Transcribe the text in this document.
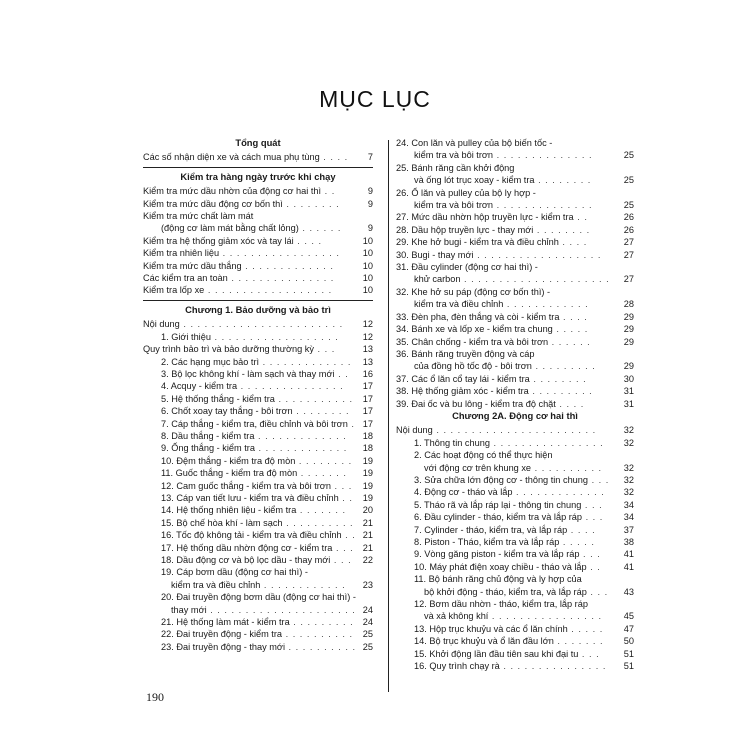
MỤC LỤC
Tổng quát
Các số nhận diện xe và cách mua phụ tùng . . . . 7
Kiểm tra hàng ngày trước khi chạy
Kiểm tra mức dầu nhờn của động cơ hai thì . .	9
Kiểm tra mức dầu động cơ bốn thì . . . . . . . .	9
Kiểm tra mức chất làm mát
(động cơ làm mát bằng chất lỏng) . . . . . .	9
Kiểm tra hệ thống giảm xóc và tay lái . . . .	10
Kiểm tra nhiên liệu . . . . . . . . . . . . . . . . . 10
Kiểm tra mức dầu thắng . . . . . . . . . . . . .	10
Các kiểm tra an toàn . . . . . . . . . . . . . . .	10
Kiểm tra lốp xe . . . . . . . . . . . . . . . . . .	10
Chương 1. Bảo dưỡng và bảo trì
Nội dung . . . . . . . . . . . . . . . . . . . . . . . 12
1. Giới thiệu . . . . . . . . . . . . . . . . . .	12
Quy trình bảo trì và bảo dưỡng thường kỳ . . .	13
2. Các hạng mục bảo trì . . . . . . . . . . . . . 13
3. Bộ lọc không khí - làm sạch và thay mới . . 16
4. Acquy - kiểm tra . . . . . . . . . . . . . . . 17
5. Hệ thống thắng - kiểm tra . . . . . . . . . . . 17
6. Chốt xoay tay thắng - bôi trơn . . . . . . . . 17
7. Cáp thắng - kiểm tra, điều chỉnh và bôi trơn . 17
8. Dầu thắng - kiểm tra . . . . . . . . . . . . . 18
9. Ống thắng - kiểm tra . . . . . . . . . . . . . 18
10. Đệm thắng - kiểm tra độ mòn . . . . . . . . 19
11. Guốc thắng - kiểm tra độ mòn . . . . . . . 19
12. Cam guốc thắng - kiểm tra và bôi trơn . . . 19
13. Cáp van tiết lưu - kiểm tra và điều chỉnh . . 19
14. Hệ thống nhiên liệu - kiểm tra . . . . . . . 20
15. Bộ chế hòa khí - làm sạch . . . . . . . . . . 21
16. Tốc độ không tải - kiểm tra và điều chỉnh . . 21
17. Hệ thống dầu nhờn động cơ - kiểm tra . . . 21
18. Dầu động cơ và bộ lọc dầu - thay mới . . . 22
19. Cáp bơm dầu (động cơ hai thì) -
kiểm tra và điều chỉnh . . . . . . . . . . . . 23
20. Đai truyền động bơm dầu (động cơ hai thì) -
thay mới . . . . . . . . . . . . . . . . . . . . . 24
21. Hệ thống làm mát - kiểm tra . . . . . . . . . 24
22. Đai truyền động - kiểm tra . . . . . . . . . . 25
23. Đai truyền động - thay mới . . . . . . . . . . 25
24. Con lăn và pulley của bộ biến tốc -
kiểm tra và bôi trơn . . . . . . . . . . . . . .	25
25. Bánh răng cần khởi động
và ống lót trục xoay - kiểm tra . . . . . . . .	25
26. Ổ lăn và pulley của bộ ly hợp -
kiểm tra và bôi trơn . . . . . . . . . . . . . .	25
27. Mức dầu nhờn hộp truyền lực - kiểm tra . .	26
28. Dầu hộp truyền lực - thay mới . . . . . . . .	26
29. Khe hở bugi - kiểm tra và điều chỉnh . . . .	27
30. Bugi - thay mới . . . . . . . . . . . . . . . . . . 27
31. Đầu cylinder (động cơ hai thì) -
khử carbon . . . . . . . . . . . . . . . . . . . . . 27
32. Khe hở su páp (động cơ bốn thì) -
kiểm tra và điều chỉnh . . . . . . . . . . . .	28
33. Đèn pha, đèn thắng và còi - kiểm tra . . . .	29
34. Bánh xe và lốp xe - kiểm tra chung . . . . .	29
35. Chân chống - kiểm tra và bôi trơn . . . . . .	29
36. Bánh răng truyền động và cáp
của đồng hồ tốc độ - bôi trơn . . . . . . . . .	29
37. Các ổ lăn cổ tay lái - kiểm tra . . . . . . . .	30
38. Hệ thống giảm xóc - kiểm tra . . . . . . . . .	31
39. Đai ốc và bu lông - kiểm tra độ chặt . . . .	31
Chương 2A. Động cơ hai thì
Nội dung . . . . . . . . . . . . . . . . . . . . . . .	32
1. Thông tin chung . . . . . . . . . . . . . . . . 32
2. Các hoạt động có thể thực hiện
với động cơ trên khung xe . . . . . . . . . . 32
3. Sửa chữa lớn động cơ - thông tin chung . . . 32
4. Động cơ - tháo và lắp . . . . . . . . . . . . . 32
5. Tháo rã và lắp ráp lại - thông tin chung . . . 34
6. Đầu cylinder - tháo, kiểm tra và lắp ráp . . . 34
7. Cylinder - tháo, kiểm tra, và lắp ráp . . . .	37
8. Piston - Tháo, kiểm tra và lắp ráp . . . . .	38
9. Vòng găng piston - kiểm tra và lắp ráp . . . 41
10. Máy phát điện xoay chiều - tháo và lắp . . 41
11. Bộ bánh răng chủ động và ly hợp của
bộ khởi động - tháo, kiểm tra, và lắp ráp . . . 43
12. Bơm dầu nhờn - tháo, kiểm tra, lắp ráp
và xả không khí . . . . . . . . . . . . . . . . 45
13. Hộp trục khuỷu và các ổ lăn chính . . . . . 47
14. Bộ trục khuỷu và ổ lăn đầu lớn . . . . . . . 50
15. Khởi động lần đầu tiên sau khi đại tu . . .	51
16. Quy trình chạy rà . . . . . . . . . . . . . . . 51
190
